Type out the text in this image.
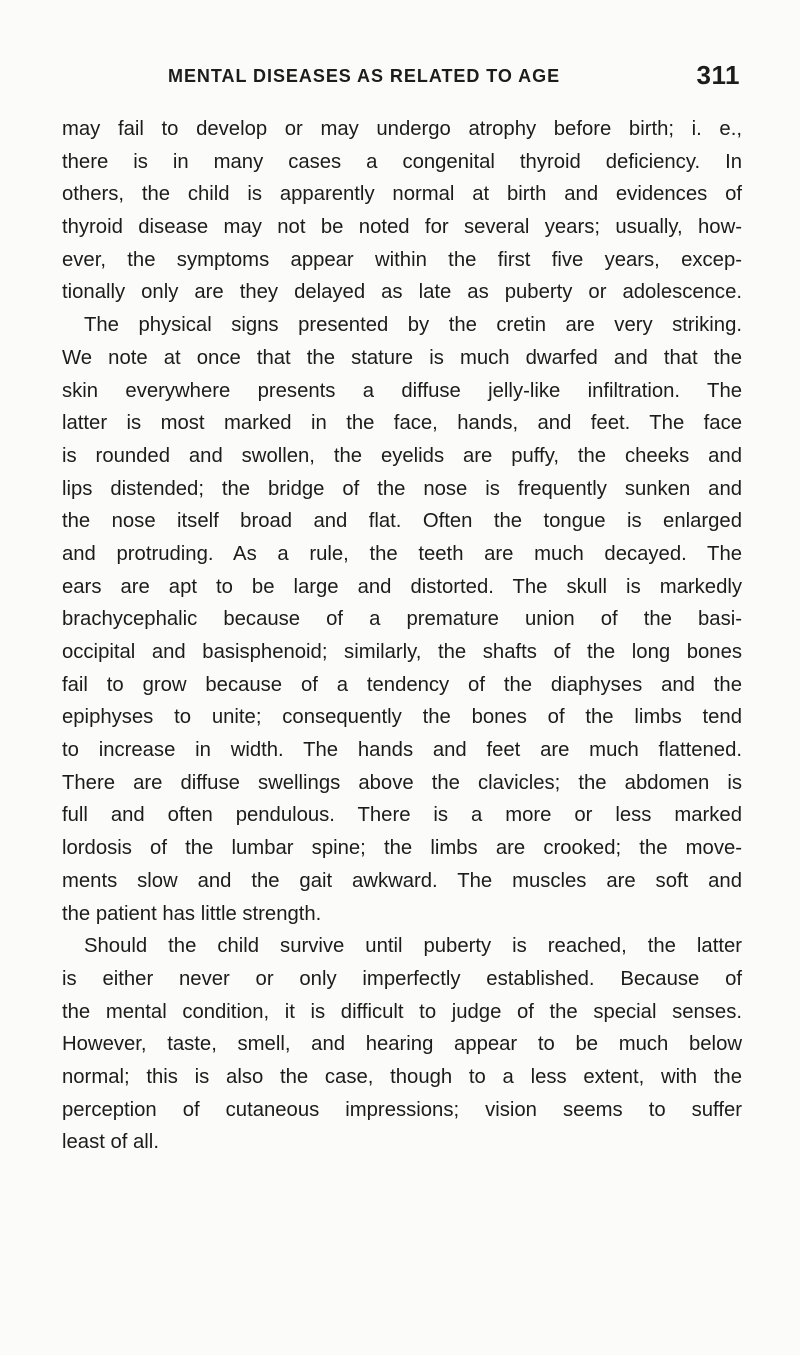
MENTAL DISEASES AS RELATED TO AGE	311
may fail to develop or may undergo atrophy before birth; i. e.,
there is in many cases a congenital thyroid deficiency. In
others, the child is apparently normal at birth and evidences of
thyroid disease may not be noted for several years; usually, how-
ever, the symptoms appear within the first five years, excep-
tionally only are they delayed as late as puberty or adolescence.
The physical signs presented by the cretin are very striking.
We note at once that the stature is much dwarfed and that the
skin everywhere presents a diffuse jelly-like infiltration. The
latter is most marked in the face, hands, and feet. The face
is rounded and swollen, the eyelids are puffy, the cheeks and
lips distended; the bridge of the nose is frequently sunken and
the nose itself broad and flat. Often the tongue is enlarged
and protruding. As a rule, the teeth are much decayed. The
ears are apt to be large and distorted. The skull is markedly
brachycephalic because of a premature union of the basi-
occipital and basisphenoid; similarly, the shafts of the long bones
fail to grow because of a tendency of the diaphyses and the
epiphyses to unite; consequently the bones of the limbs tend
to increase in width. The hands and feet are much flattened.
There are diffuse swellings above the clavicles; the abdomen is
full and often pendulous. There is a more or less marked
lordosis of the lumbar spine; the limbs are crooked; the move-
ments slow and the gait awkward. The muscles are soft and
the patient has little strength.
Should the child survive until puberty is reached, the latter
is either never or only imperfectly established. Because of
the mental condition, it is difficult to judge of the special senses.
However, taste, smell, and hearing appear to be much below
normal; this is also the case, though to a less extent, with the
perception of cutaneous impressions; vision seems to suffer
least of all.
